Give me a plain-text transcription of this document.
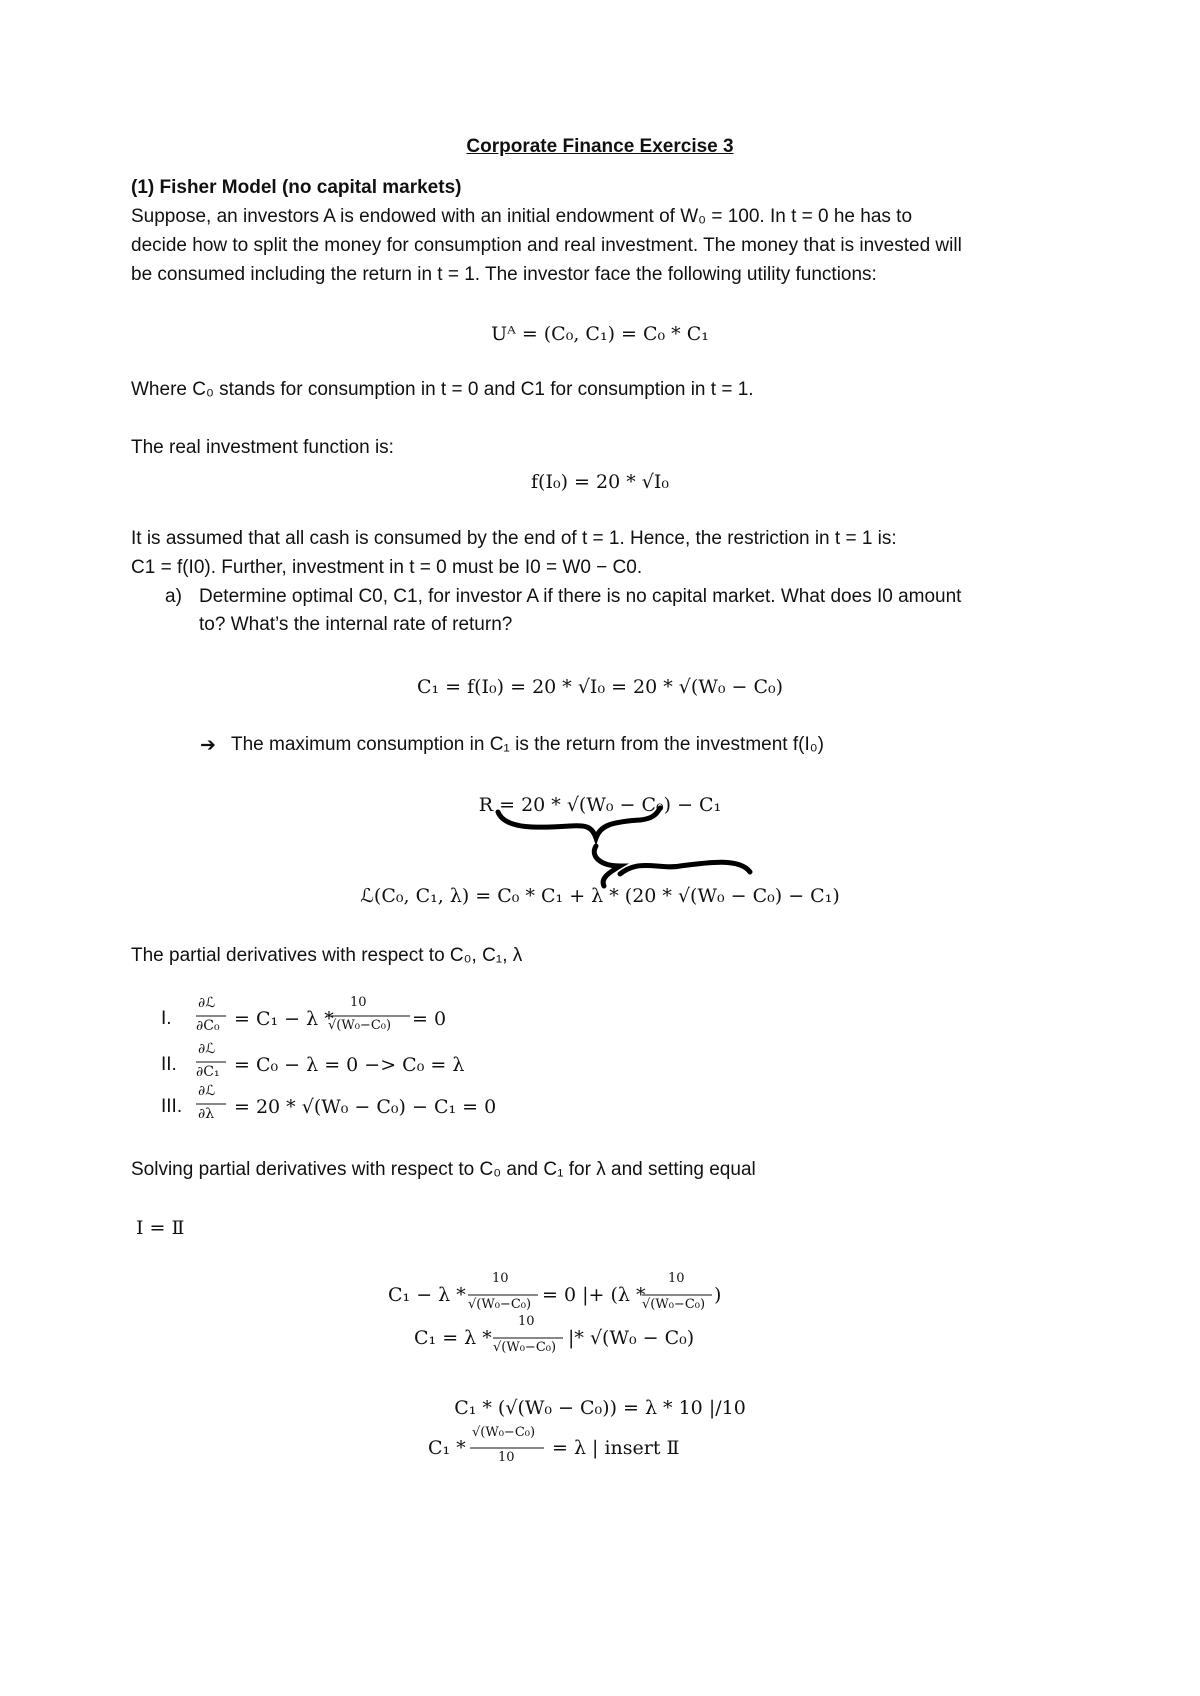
Corporate Finance Exercise 3
(1) Fisher Model (no capital markets)
Suppose, an investors A is endowed with an initial endowment of W₀ = 100. In t = 0 he has to
decide how to split the money for consumption and real investment. The money that is invested will
be consumed including the return in t = 1. The investor face the following utility functions:
Uᴬ = (C₀, C₁) = C₀ * C₁
Where C₀ stands for consumption in t = 0 and C1 for consumption in t = 1.
The real investment function is:
f(I₀) = 20 * √I₀
It is assumed that all cash is consumed by the end of t = 1. Hence, the restriction in t = 1 is:
C1 = f(I0). Further, investment in t = 0 must be I0 = W0 − C0.
a) Determine optimal C0, C1, for investor A if there is no capital market. What does I0 amount
to? What’s the internal rate of return?
C₁ = f(I₀) = 20 * √I₀ = 20 * √(W₀ − C₀)
➔ The maximum consumption in C₁ is the return from the investment f(I₀)
R = 20 * √(W₀ − C₀) − C₁
ℒ(C₀, C₁, λ) = C₀ * C₁ + λ * (20 * √(W₀ − C₀) − C₁)
The partial derivatives with respect to C₀, C₁, λ
I.
∂ℒ
∂C₀ = C₁ − λ *
10
√(W₀−C₀) = 0
II.
∂ℒ
∂C₁ = C₀ − λ = 0 −> C₀ = λ
III.
∂ℒ
∂λ = 20 * √(W₀ − C₀) − C₁ = 0
Solving partial derivatives with respect to C₀ and C₁ for λ and setting equal
Ⅰ = Ⅱ
C₁ − λ *
10
√(W₀−C₀) = 0 |+ (λ *
10
√(W₀−C₀) )
C₁ = λ *
10
√(W₀−C₀) |* √(W₀ − C₀)
C₁ * (√(W₀ − C₀)) = λ * 10 |/10
C₁ *
√(W₀−C₀)
10 = λ | insert Ⅱ
